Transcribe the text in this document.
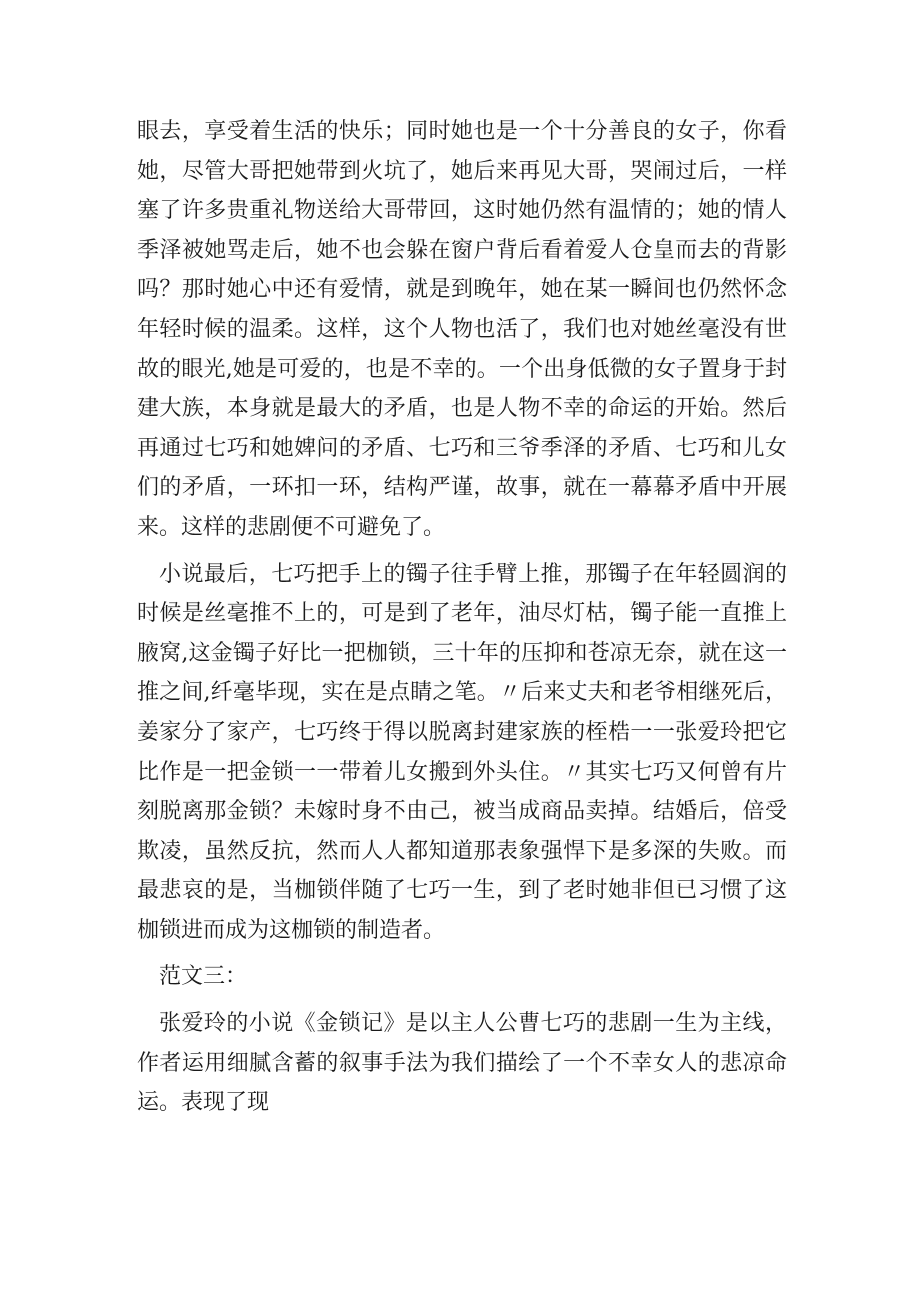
眼去，享受着生活的快乐；同时她也是一个十分善良的女子，你看她，尽管大哥把她带到火坑了，她后来再见大哥，哭闹过后，一样塞了许多贵重礼物送给大哥带回，这时她仍然有温情的；她的情人季泽被她骂走后，她不也会躲在窗户背后看着爱人仓皇而去的背影吗？那时她心中还有爱情，就是到晚年，她在某一瞬间也仍然怀念年轻时候的温柔。这样，这个人物也活了，我们也对她丝毫没有世故的眼光,她是可爱的，也是不幸的。一个出身低微的女子置身于封建大族，本身就是最大的矛盾，也是人物不幸的命运的开始。然后再通过七巧和她婢问的矛盾、七巧和三爷季泽的矛盾、七巧和儿女们的矛盾，一环扣一环，结构严谨，故事，就在一幕幕矛盾中开展来。这样的悲剧便不可避免了。

小说最后，七巧把手上的镯子往手臂上推，那镯子在年轻圆润的时候是丝毫推不上的，可是到了老年，油尽灯枯，镯子能一直推上腋窝,这金镯子好比一把枷锁，三十年的压抑和苍凉无奈，就在这一推之间,纤毫毕现，实在是点睛之笔。〃后来丈夫和老爷相继死后，姜家分了家产，七巧终于得以脱离封建家族的桎梏一一张爱玲把它比作是一把金锁一一带着儿女搬到外头住。〃其实七巧又何曾有片刻脱离那金锁？未嫁时身不由己，被当成商品卖掉。结婚后，倍受欺凌，虽然反抗，然而人人都知道那表象强悍下是多深的失败。而最悲哀的是，当枷锁伴随了七巧一生，到了老时她非但已习惯了这枷锁进而成为这枷锁的制造者。

范文三：

张爱玲的小说《金锁记》是以主人公曹七巧的悲剧一生为主线，作者运用细腻含蓄的叙事手法为我们描绘了一个不幸女人的悲凉命运。表现了现
